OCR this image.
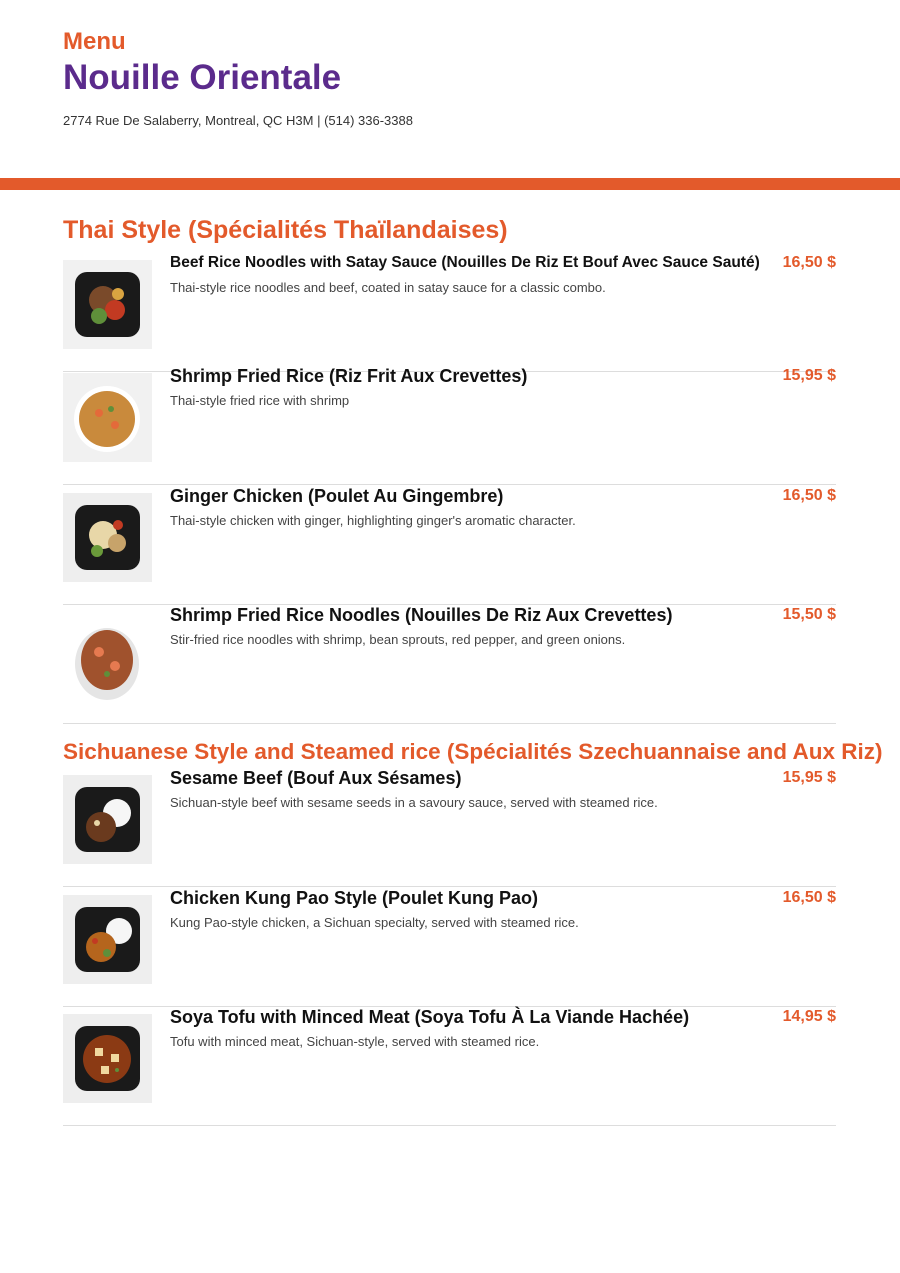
Menu
Nouille Orientale
2774 Rue De Salaberry, Montreal, QC H3M | (514) 336-3388
Thai Style (Spécialités Thaïlandaises)
16,50 $
Beef Rice Noodles with Satay Sauce (Nouilles De Riz Et Bouf Avec Sauce Sauté)
Thai-style rice noodles and beef, coated in satay sauce for a classic combo.
15,95 $
Shrimp Fried Rice (Riz Frit Aux Crevettes)
Thai-style fried rice with shrimp
16,50 $
Ginger Chicken (Poulet Au Gingembre)
Thai-style chicken with ginger, highlighting ginger's aromatic character.
15,50 $
Shrimp Fried Rice Noodles (Nouilles De Riz Aux Crevettes)
Stir-fried rice noodles with shrimp, bean sprouts, red pepper, and green onions.
Sichuanese Style and Steamed rice (Spécialités Szechuannaise and Aux Riz)
15,95 $
Sesame Beef (Bouf Aux Sésames)
Sichuan-style beef with sesame seeds in a savoury sauce, served with steamed rice.
16,50 $
Chicken Kung Pao Style (Poulet Kung Pao)
Kung Pao-style chicken, a Sichuan specialty, served with steamed rice.
14,95 $
Soya Tofu with Minced Meat (Soya Tofu À La Viande Hachée)
Tofu with minced meat, Sichuan-style, served with steamed rice.
